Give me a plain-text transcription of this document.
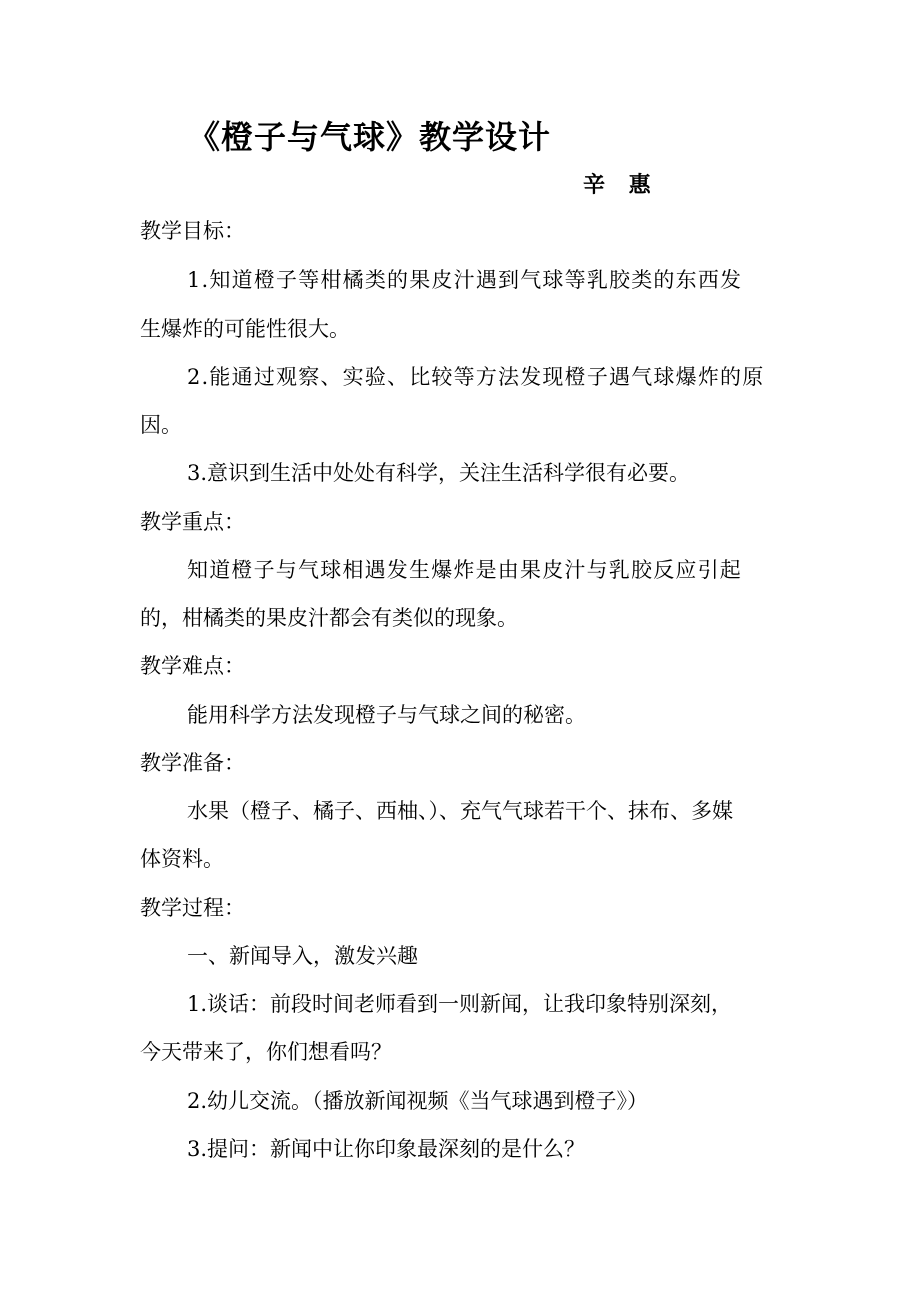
《橙子与气球》教学设计
辛 惠
教学目标：
1.知道橙子等柑橘类的果皮汁遇到气球等乳胶类的东西发
生爆炸的可能性很大。
2.能通过观察、实验、比较等方法发现橙子遇气球爆炸的原
因。
3.意识到生活中处处有科学，关注生活科学很有必要。
教学重点：
知道橙子与气球相遇发生爆炸是由果皮汁与乳胶反应引起
的，柑橘类的果皮汁都会有类似的现象。
教学难点：
能用科学方法发现橙子与气球之间的秘密。
教学准备：
水果（橙子、橘子、西柚、）、充气气球若干个、抹布、多媒
体资料。
教学过程：
一、新闻导入，激发兴趣
1.谈话：前段时间老师看到一则新闻，让我印象特别深刻，
今天带来了，你们想看吗？
2.幼儿交流。（播放新闻视频《当气球遇到橙子》）
3.提问：新闻中让你印象最深刻的是什么？
